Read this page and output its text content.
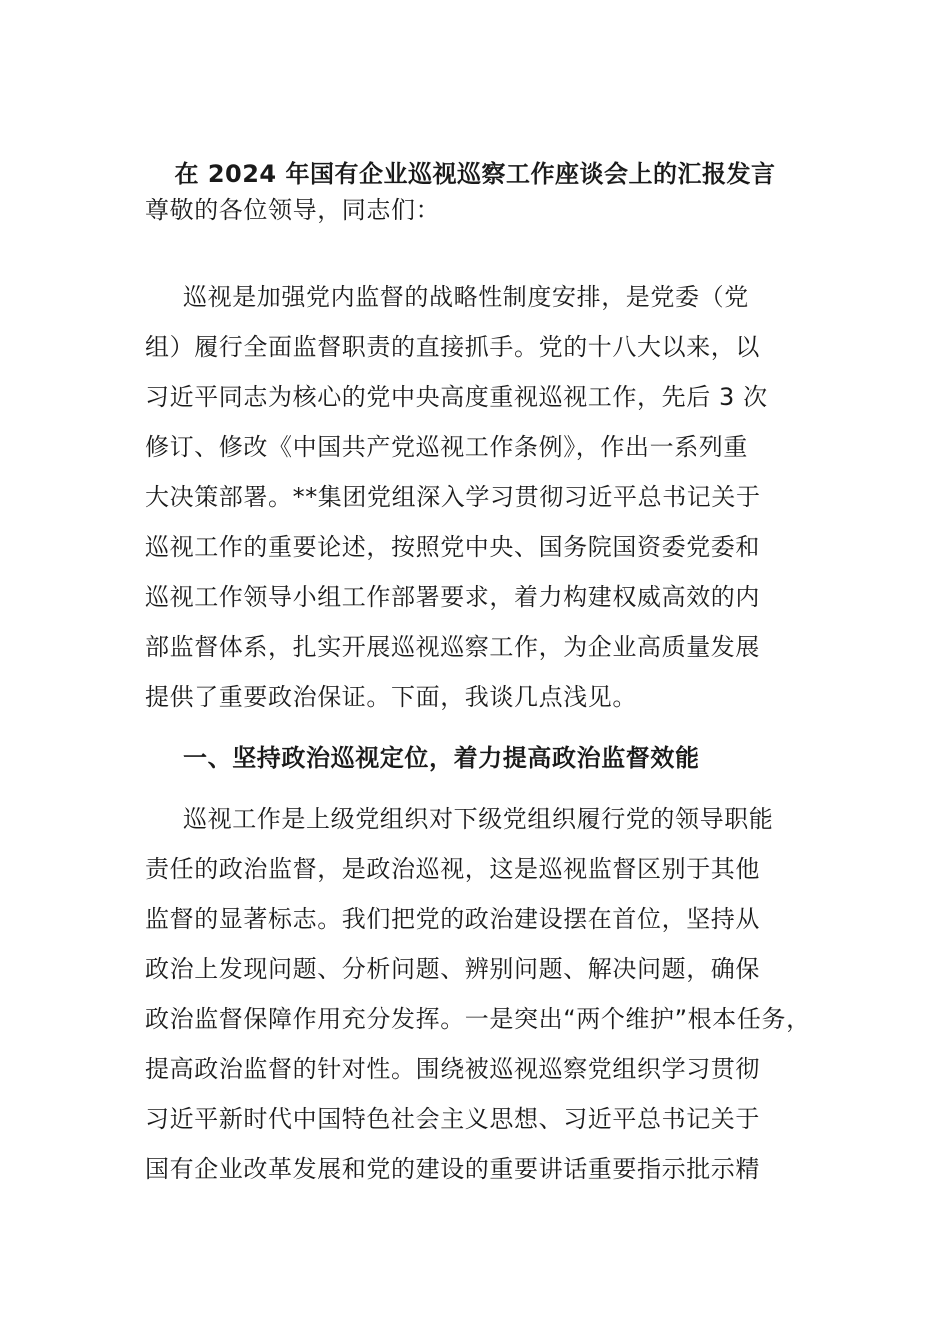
在 2024 年国有企业巡视巡察工作座谈会上的汇报发言
尊敬的各位领导，同志们：
巡视是加强党内监督的战略性制度安排，是党委（党
组）履行全面监督职责的直接抓手。党的十八大以来，以
习近平同志为核心的党中央高度重视巡视工作，先后 3 次
修订、修改《中国共产党巡视工作条例》，作出一系列重
大决策部署。**集团党组深入学习贯彻习近平总书记关于
巡视工作的重要论述，按照党中央、国务院国资委党委和
巡视工作领导小组工作部署要求，着力构建权威高效的内
部监督体系，扎实开展巡视巡察工作，为企业高质量发展
提供了重要政治保证。下面，我谈几点浅见。
一、坚持政治巡视定位，着力提高政治监督效能
巡视工作是上级党组织对下级党组织履行党的领导职能
责任的政治监督，是政治巡视，这是巡视监督区别于其他
监督的显著标志。我们把党的政治建设摆在首位，坚持从
政治上发现问题、分析问题、辨别问题、解决问题，确保
政治监督保障作用充分发挥。一是突出“两个维护”根本任务，
提高政治监督的针对性。围绕被巡视巡察党组织学习贯彻
习近平新时代中国特色社会主义思想、习近平总书记关于
国有企业改革发展和党的建设的重要讲话重要指示批示精
